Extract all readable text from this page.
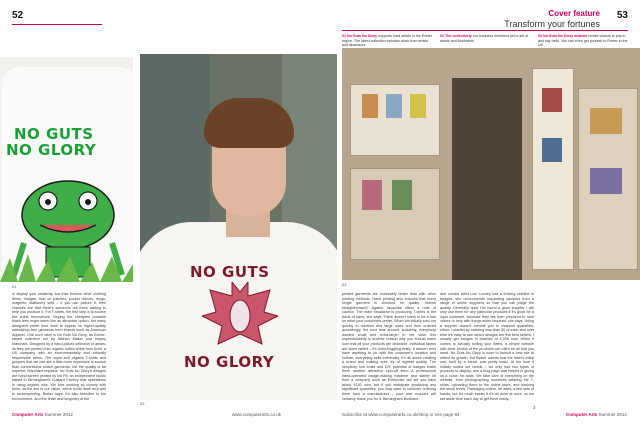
52	53
Cover feature
Transform your fortunes
01 No Guts No Glory supports local artists in the Exeter region. The latest collection includes stock from artists and illustrators
02 The collectively run business members sell a set of artists and illustrators
03 No Guts No Glory website invites visitors to pop in and say hello. You can even get yourself to Exeter in the UK
NO GUTS
NO GLORY
01
NO GUTS
NO GLORY
02
03
in display your creativity, but their flowers other clothing items, badges, bow on patches, pocket mirrors, mugs, magnets, stationery sets – if you can picture it, their chances are that there's someone out there waiting to help you produce it. For T-shirts, the first step is to source the shirts themselves. Buying the cheapest possible blank tees might seem like an attractive option, but many designers prefer their work to appear on higher-quality sweatshop-free garments from brands such as American Apparel. One such label is No Guts No Glory, an Exeter-based collective run by Nathan Blaker and Hayley Marchant. Designed by a hand-picked selection of artists, its tees are printed onto organic cotton shirts from Anvil, a US company with an environmentally and ethically responsible ethos. The super-soft organic T-shirts and jumpers that we use are a little more expensive to source than conventional cotton garments, but the quality is far superior, Marchant explains. No Guts No Glory's designs are hand screen printed by Ink Pit, an independent studio based in Birmingham's Custard Factory that specialises in using organic inks. We love working so closely with them, as the link to our vision, which lends itself very well to screenprinting, Blaker says. It's also friendlier to the environment, and the finish and longevity of the
printed garments are noticeably better than with other printing methods. Hand printing also ensures that every single garment is checked for quality. Seems straightforward? Agathe Jacquillat offers a note of caution. The main headache is producing T-shirts is the issue of sizes, she says. There doesn't seem to be a rule on what your customers prefer. When we initially sold our quickly in medium and large sizes and then ordered accordingly, the next time around, suddenly, everybody wanted small and extra-large! In her view, this unpredictability is another reason why you should make sure that all your products are desirable. Individual tastes are sizes varied – it's mind-boggling really. It doesn't ever have anything to do with the customer's location and culture, everything sells eventually. It's all about creating a brand and making sure it's of highest quality. The simplicity, low costs and DIY potential of badges make them another attractive spin-off item. A professional hand-operated badge-making machine and starter kit from a company such as Enterprise will set you back about £150 now, but if you anticipate producing any significant quantities, you may want to consider ordering them from a manufacturer – your arm muscles will certainly thank you for it. Birmingham illustrator
and comics artist Lizz Lunney has a thriving sideline in badges: she recommends requesting samples from a range of online suppliers so that you can judge the quality. Generally once I've found a good supplier I will only use them for any particular products if it's good for a loyal customer, because they are then prepared to rush orders or help with things when required, she says. Using a supplier doesn't commit you to massive quantities, either: I started by ordering less than 50 of each and over time it's easy to see which designs are the best sellers. I usually get badges in batches of 1,000 now. When it comes to actually selling your items, a simple website with clear photos of the products can often be all that you need. No Guts No Glory is soon to launch a new site to reflect its growth, but Blaker admits that the label's initial one, built by a friend, was pretty basic. At the time it initially suited our needs – we only had two types of products to display, and a blog page was helpful in giving us a voice, he adds. We take care of everything on the website, from photographing ourselves wearing the T-shirts, uploading them to the online store, and tracking the stock levels. Packaging orders, he adds, a few sets of hands, but it's much easier if it's all done at once, so we set aside time each day to get them ready.
Computer Arts Summer 2012	www.computerarts.co.uk	Subscribe at www.computerarts.co.uk/shop or see page 84	Computer Arts Summer 2012
3
